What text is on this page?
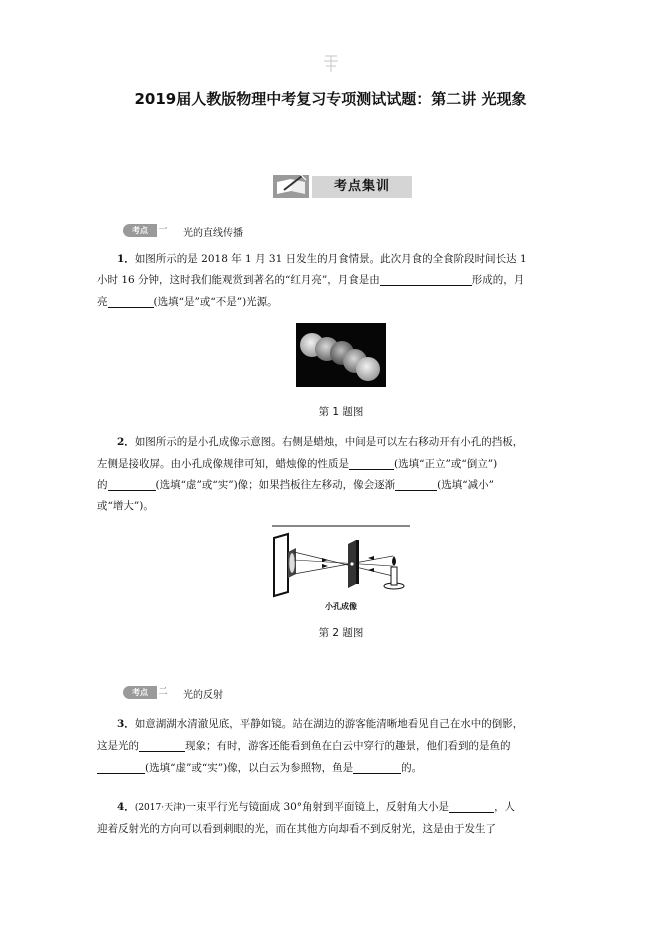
2019届人教版物理中考复习专项测试试题：第二讲 光现象
考点集训
考点	一 光的直线传播
1．如图所示的是 2018 年 1 月 31 日发生的月食情景。此次月食的全食阶段时间长达 1
小时 16 分钟，这时我们能观赏到著名的“红月亮”，月食是由	形成的，月
亮	(选填“是”或“不是”)光源。
第 1 题图
2．如图所示的是小孔成像示意图。右侧是蜡烛，中间是可以左右移动开有小孔的挡板，
左侧是接收屏。由小孔成像规律可知，蜡烛像的性质是	(选填“正立”或“倒立”)
的	(选填“虚”或“实”)像；如果挡板往左移动，像会逐渐	(选填“减小”
或“增大”)。
小孔成像
第 2 题图
考点	二 光的反射
3．如意湖湖水清澈见底，平静如镜。站在湖边的游客能清晰地看见自己在水中的倒影，
这是光的	现象；有时，游客还能看到鱼在白云中穿行的趣景，他们看到的是鱼的
(选填“虚”或“实”)像，以白云为参照物，鱼是	的。
4．(2017·天津)一束平行光与镜面成 30°角射到平面镜上，反射角大小是	，人
迎着反射光的方向可以看到刺眼的光，而在其他方向却看不到反射光，这是由于发生了
